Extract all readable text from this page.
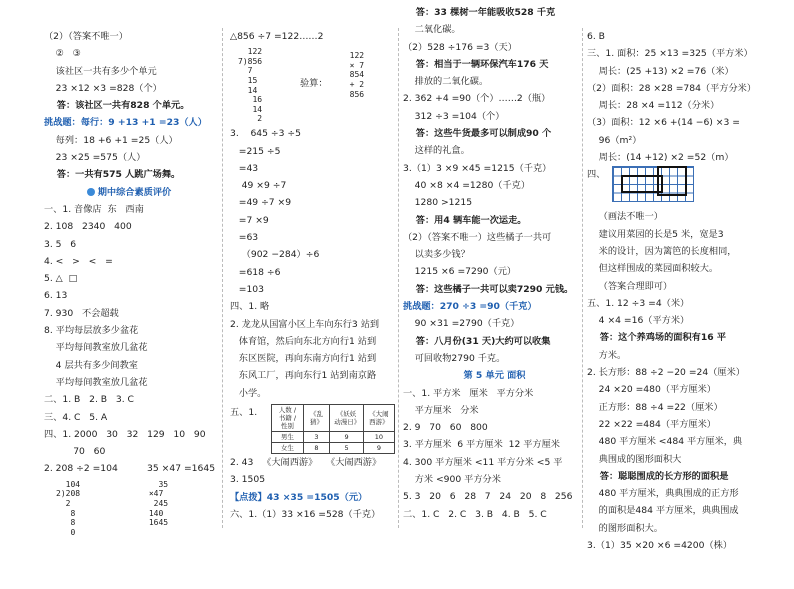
（2）（答案不唯一）
②   ③
该社区一共有多少个单元
23 ×12 ×3 =828（个）
答：该社区一共有828 个单元。
挑战题：每行：9 +13 +1 =23（人）
每列：18 +6 +1 =25（人）
23 ×25 =575（人）
答：一共有575 人跳广场舞。
期中综合素质评价
一、1. 音像店  东   西南
2. 108   2340   400
3. 5   6
4. <   >   <   =
5. △  □
6. 13
7. 930   不会超载
8. 平均每层放多少盆花
平均每间教室放几盆花
4 层共有多少间教室
平均每间教室放几盆花
二、1. B   2. B   3. C
三、4. C   5. A
四、1. 2000   30   32   129   10   90
70   60
2. 208 ÷2 =104          35 ×47 =1645
104
2)208
2
8
8
0
35
×47
245
140
1645
△856 ÷7 =122……2
122
7)856
7
15
14
16
14
2
验算：
122
× 7
854
+ 2
856
3.    645 ÷3 ÷5
=215 ÷5
=43
49 ×9 ÷7
=49 ÷7 ×9
=7 ×9
=63
（902 −284）÷6
=618 ÷6
=103
四、1. 略
2. 龙龙从国富小区上车向东行3 站到
体育馆，然后向东北方向行1 站到
东区医院，再向东南方向行1 站到
东风工厂，再向东行1 站到南京路
小学。
五、1.	人数 / 书籍 / 性别	《乱猜》	《妖妖动漫日》	《大闹西游》
男生	3	9	10
女生	8	5	9
2. 43   《大闹西游》   《大闹西游》
3. 1505
【点拨】43 ×35 =1505（元）
六、1.（1）33 ×16 =528（千克）
答：33 棵树一年能吸收528 千克
二氧化碳。
（2）528 ÷176 =3（天）
答：相当于一辆环保汽车176 天
排放的二氧化碳。
2. 362 +4 =90（个）……2（瓶）
312 ÷3 =104（个）
答：这些牛货最多可以制成90 个
这样的礼盒。
3.（1）3 ×9 ×45 =1215（千克）
40 ×8 ×4 =1280（千克）
1280 >1215
答：用4 辆车能一次运走。
（2）（答案不唯一）这些橘子一共可
以卖多少钱？
1215 ×6 =7290（元）
答：这些橘子一共可以卖7290 元钱。
挑战题：270 ÷3 =90（千克）
90 ×31 =2790（千克）
答：八月份(31 天)大约可以收集
可回收物2790 千克。
第 5 单元 面积
一、1. 平方米   厘米   平方分米
平方厘米   分米
2. 9   70   60   800
3. 平方厘米  6 平方厘米  12 平方厘米
4. 300 平方厘米 <11 平方分米 <5 平
方米 <900 平方分米
5. 3   20   6   28   7   24   20   8   256
二、1. C   2. C   3. B   4. B   5. C
6. B
三、1. 面积：25 ×13 =325（平方米）
周长：(25 +13) ×2 =76（米）
（2）面积：28 ×28 =784（平方分米）
周长：28 ×4 =112（分米）
（3）面积：12 ×6 +(14 −6) ×3 =
96（m²）
周长：(14 +12) ×2 =52（m）
四、
（画法不唯一）
建议用菜园的长是5 米，宽是3
米的设计，因为篱笆的长度相同，
但这样围成的菜园面积较大。
（答案合理即可）
五、1. 12 ÷3 =4（米）
4 ×4 =16（平方米）
答：这个养鸡场的面积有16 平
方米。
2. 长方形：88 ÷2 −20 =24（厘米）
24 ×20 =480（平方厘米）
正方形：88 ÷4 =22（厘米）
22 ×22 =484（平方厘米）
480 平方厘米 <484 平方厘米，典
典围成的图形面积大
答：聪聪围成的长方形的面积是
480 平方厘米，典典围成的正方形
的面积是484 平方厘米，典典围成
的图形面积大。
3.（1）35 ×20 ×6 =4200（株）
